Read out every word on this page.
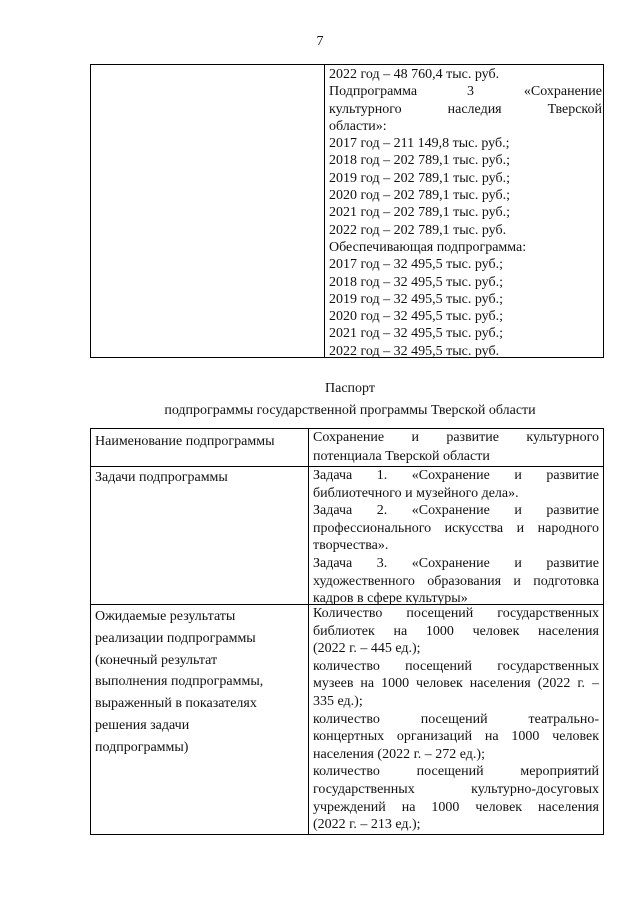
7
2022 год – 48 760,4 тыс. руб.
Подпрограмма 3 «Сохранение
культурного наследия Тверской
области»:
2017 год – 211 149,8 тыс. руб.;
2018 год – 202 789,1 тыс. руб.;
2019 год – 202 789,1 тыс. руб.;
2020 год – 202 789,1 тыс. руб.;
2021 год – 202 789,1 тыс. руб.;
2022 год – 202 789,1 тыс. руб.
Обеспечивающая подпрограмма:
2017 год – 32 495,5 тыс. руб.;
2018 год – 32 495,5 тыс. руб.;
2019 год – 32 495,5 тыс. руб.;
2020 год – 32 495,5 тыс. руб.;
2021 год – 32 495,5 тыс. руб.;
2022 год – 32 495,5 тыс. руб.
Паспорт
подпрограммы государственной программы Тверской области
Наименование подпрограммы	Сохранение и развитие культурного
потенциала Тверской области
Задачи подпрограммы	Задача 1. «Сохранение и развитие
библиотечного и музейного дела».
Задача 2. «Сохранение и развитие
профессионального искусства и народного
творчества».
Задача 3. «Сохранение и развитие
художественного образования и подготовка
кадров в сфере культуры»
Ожидаемые результаты
реализации подпрограммы
(конечный результат
выполнения подпрограммы,
выраженный в показателях
решения задачи
подпрограммы)
Количество посещений государственных
библиотек на 1000 человек населения
(2022 г. – 445 ед.);
количество посещений государственных
музеев на 1000 человек населения (2022 г. –
335 ед.);
количество посещений театрально-
концертных организаций на 1000 человек
населения (2022 г. – 272 ед.);
количество посещений мероприятий
государственных культурно-досуговых
учреждений на 1000 человек населения
(2022 г. – 213 ед.);
